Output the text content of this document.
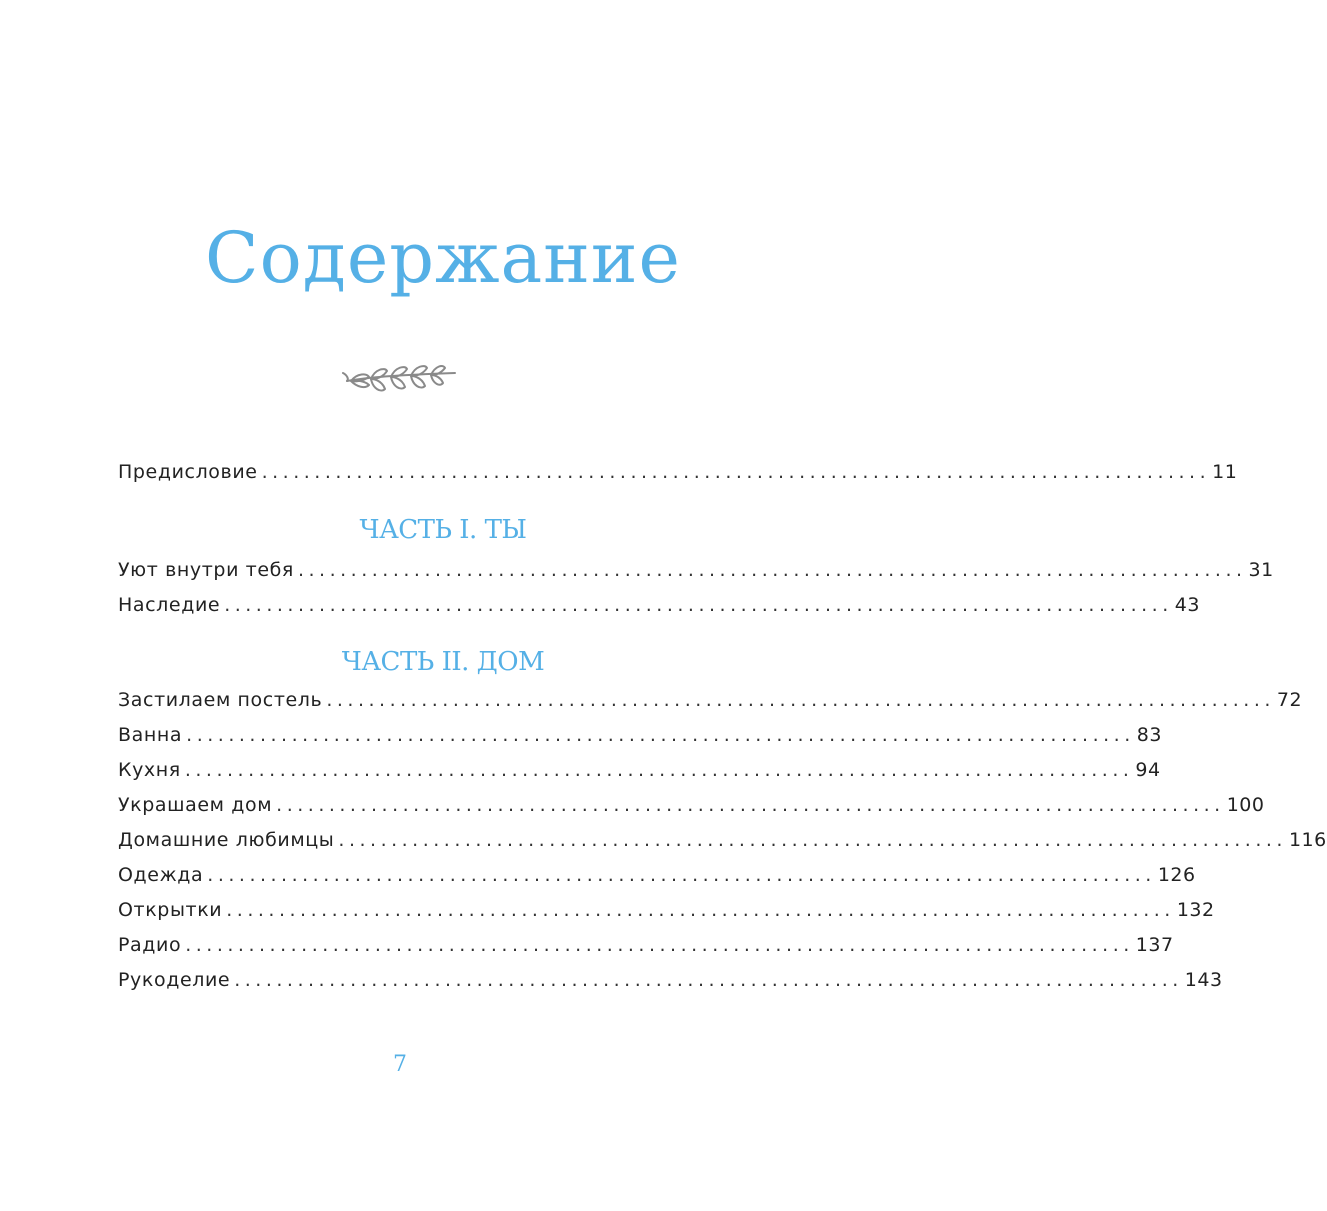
Содержание
Предисловие .......................................................................................... 11
ЧАСТЬ I. ТЫ
Уют внутри тебя .......................................................................................... 31
Наследие .......................................................................................... 43
ЧАСТЬ II. ДОМ
Застилаем постель .......................................................................................... 72
Ванна .......................................................................................... 83
Кухня .......................................................................................... 94
Украшаем дом .......................................................................................... 100
Домашние любимцы .......................................................................................... 116
Одежда .......................................................................................... 126
Открытки .......................................................................................... 132
Радио .......................................................................................... 137
Рукоделие .......................................................................................... 143
7
